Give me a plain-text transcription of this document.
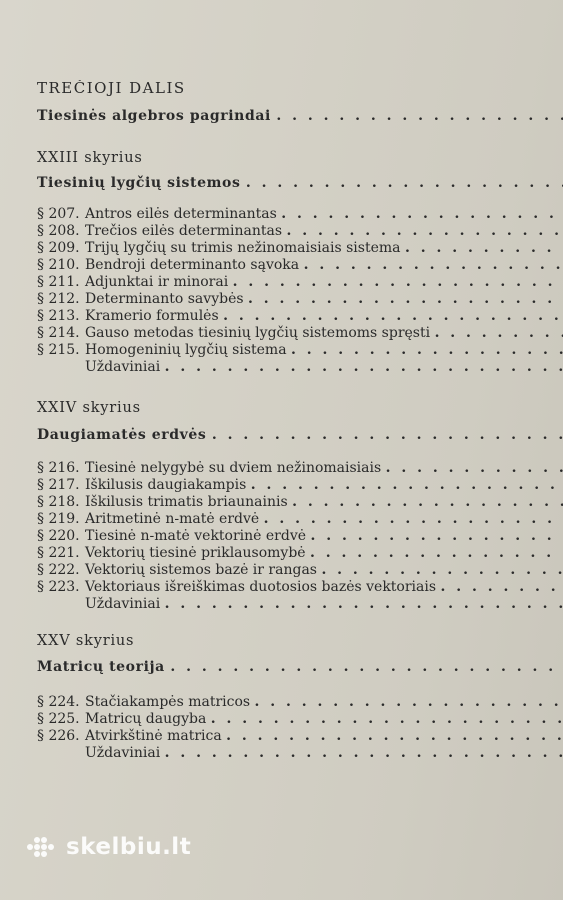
TREČIOJI DALIS
Tiesinės algebros pagrindai . . .
XXIII skyrius
Tiesinių lygčių sistemos . . .
§ 207. Antros eilės determinantas . . .
§ 208. Trečios eilės determinantas . . .
§ 209. Trijų lygčių su trimis nežinomaisiais sistema . . .
§ 210. Bendroji determinanto sąvoka . . .
§ 211. Adjunktai ir minorai . . .
§ 212. Determinanto savybės . . .
§ 213. Kramerio formulės . . .
§ 214. Gauso metodas tiesinių lygčių sistemoms spręsti . . .
§ 215. Homogeninių lygčių sistema . . .
Uždaviniai . . .
XXIV skyrius
Daugiamatės erdvės . . .
§ 216. Tiesinė nelygybė su dviem nežinomaisiais . . .
§ 217. Iškilusis daugiakampis . . .
§ 218. Iškilusis trimatis briaunainis . . .
§ 219. Aritmetinė n-matė erdvė . . .
§ 220. Tiesinė n-matė vektorinė erdvė . . .
§ 221. Vektorių tiesinė priklausomybė . . .
§ 222. Vektorių sistemos bazė ir rangas . . .
§ 223. Vektoriaus išreiškimas duotosios bazės vektoriais . . .
Uždaviniai . . .
XXV skyrius
Matricų teorija . . .
§ 224. Stačiakampės matricos . . .
§ 225. Matricų daugyba . . .
§ 226. Atvirkštinė matrica . . .
Uždaviniai . . .
skelbiu.lt
